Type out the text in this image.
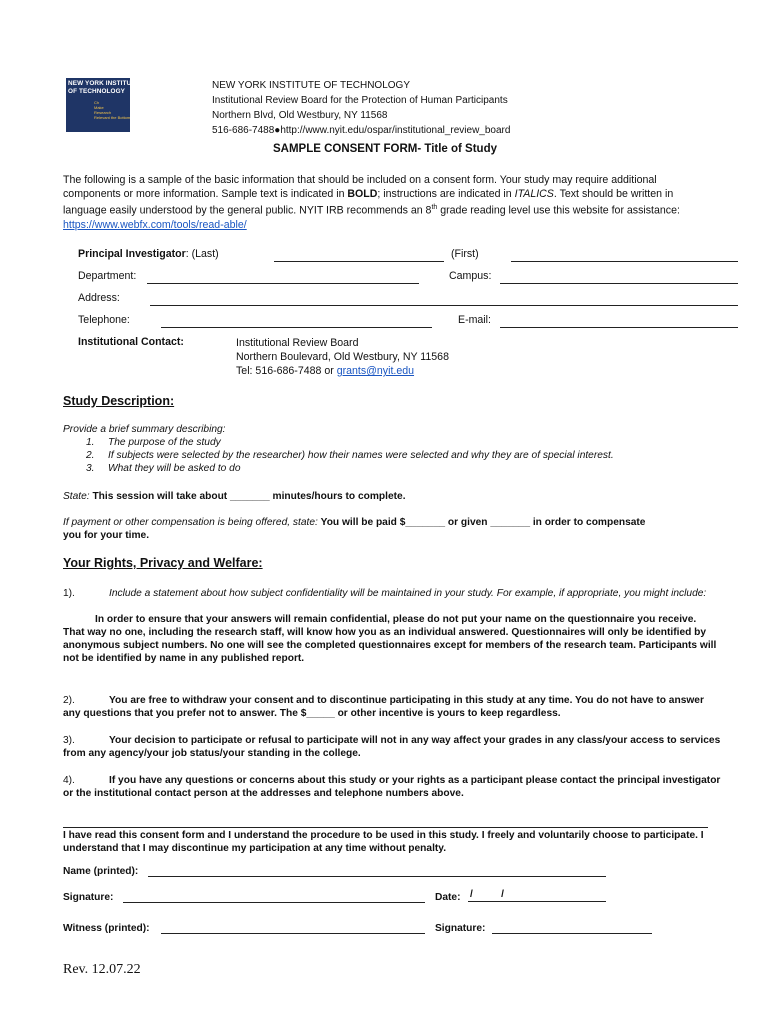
NEW YORK INSTITUTE
OF TECHNOLOGY
Ch
Make
Research
Relevant the Bottom
NEW YORK INSTITUTE OF TECHNOLOGY
Institutional Review Board for the Protection of Human Participants
Northern Blvd, Old Westbury, NY 11568
516-686-7488●http://www.nyit.edu/ospar/institutional_review_board
SAMPLE CONSENT FORM- Title of Study
The following is a sample of the basic information that should be included on a consent form. Your study may require additional components or more information. Sample text is indicated in BOLD; instructions are indicated in ITALICS. Text should be written in language easily understood by the general public. NYIT IRB recommends an 8th grade reading level use this website for assistance: https://www.webfx.com/tools/read-able/
Principal Investigator: (Last)	(First)
Department:	Campus:
Address:
Telephone:	E-mail:
Institutional Contact:	Institutional Review Board
Northern Boulevard, Old Westbury, NY 11568
Tel: 516-686-7488 or grants@nyit.edu
Study Description:
Provide a brief summary describing:
1. The purpose of the study
2. If subjects were selected by the researcher) how their names were selected and why they are of special interest.
3. What they will be asked to do
State: This session will take about _______ minutes/hours to complete.
If payment or other compensation is being offered, state: You will be paid $_______ or given _______ in order to compensate you for your time.
Your Rights, Privacy and Welfare:
1).	Include a statement about how subject confidentiality will be maintained in your study. For example, if appropriate, you might include:
In order to ensure that your answers will remain confidential, please do not put your name on the questionnaire you receive. That way no one, including the research staff, will know how you as an individual answered. Questionnaires will only be identified by anonymous subject numbers. No one will see the completed questionnaires except for members of the research team. Participants will not be identified by name in any published report.
2).	You are free to withdraw your consent and to discontinue participating in this study at any time. You do not have to answer any questions that you prefer not to answer. The $_____ or other incentive is yours to keep regardless.
3).	Your decision to participate or refusal to participate will not in any way affect your grades in any class/your access to services from any agency/your job status/your standing in the college.
4).	If you have any questions or concerns about this study or your rights as a participant please contact the principal investigator or the institutional contact person at the addresses and telephone numbers above.
I have read this consent form and I understand the procedure to be used in this study. I freely and voluntarily choose to participate. I understand that I may discontinue my participation at any time without penalty.
Name (printed):
Signature:	Date: /          /
Witness (printed):	Signature:
Rev. 12.07.22
